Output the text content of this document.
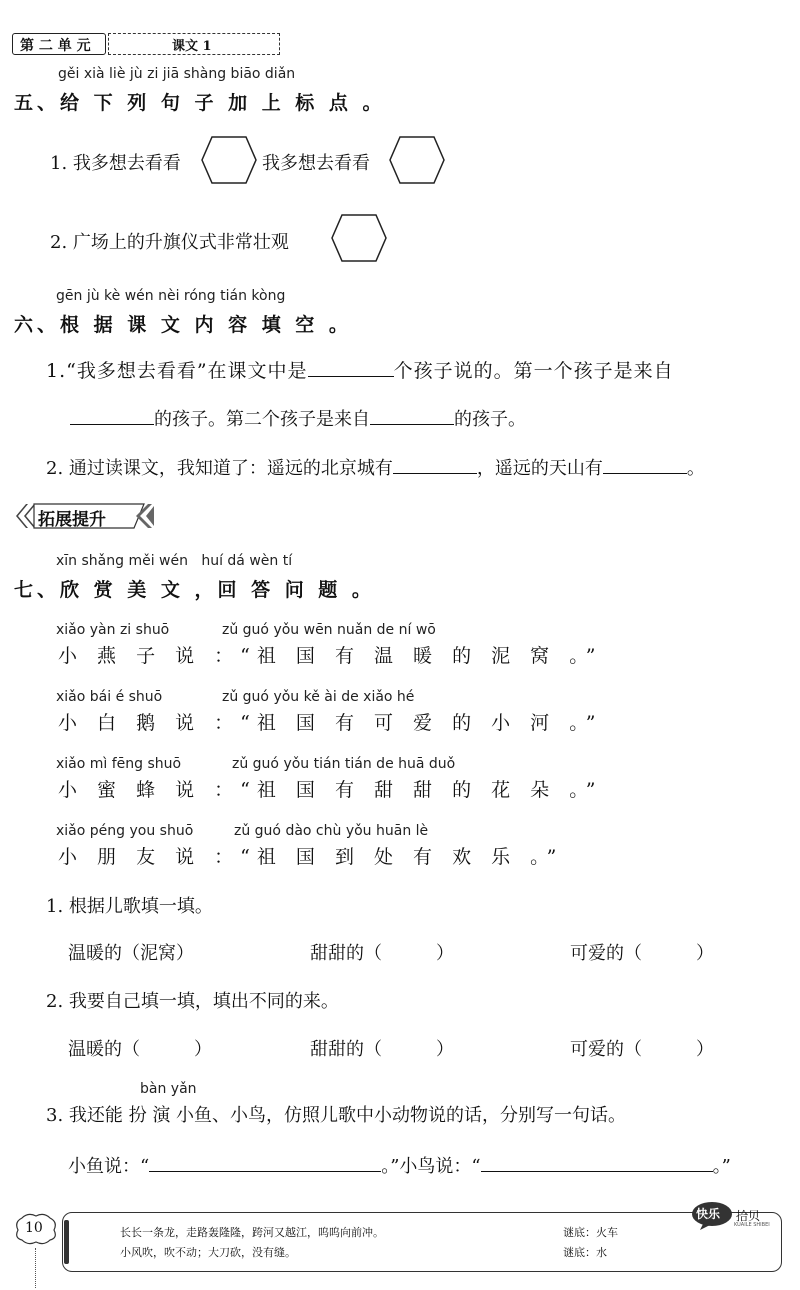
第 二 单 元	课文 1
gěi xià liè jù zi jiā shàng biāo diǎn
五、给 下 列 句 子 加 上 标 点 。
1. 我多想去看看	我多想去看看
2. 广场上的升旗仪式非常壮观
gēn jù kè wén nèi róng tián kòng
六、根 据 课 文 内 容 填 空 。
1.“我多想去看看”在课文中是	个孩子说的。第一个孩子是来自
的孩子。第二个孩子是来自	的孩子。
2. 通过读课文，我知道了：遥远的北京城有	，遥远的天山有	。
拓展提升
xīn shǎng měi wén   huí dá wèn tí
七、欣 赏 美 文 ，回 答 问 题 。
xiǎo yàn zi shuō	zǔ guó yǒu wēn nuǎn de ní wō
小 燕 子 说 ：“祖 国 有 温 暖 的 泥 窝 。”
xiǎo bái é shuō	zǔ guó yǒu kě ài de xiǎo hé
小 白 鹅 说 ：“祖 国 有 可 爱 的 小 河 。”
xiǎo mì fēng shuō	zǔ guó yǒu tián tián de huā duǒ
小 蜜 蜂 说 ：“祖 国 有 甜 甜 的 花 朵 。”
xiǎo péng you shuō	zǔ guó dào chù yǒu huān lè
小 朋 友 说 ：“祖 国 到 处 有 欢 乐 。”
1. 根据儿歌填一填。
温暖的（泥窝）	甜甜的（　　　）	可爱的（　　　）
2. 我要自己填一填，填出不同的来。
温暖的（　　　）	甜甜的（　　　）	可爱的（　　　）
bàn yǎn
3. 我还能 扮 演 小鱼、小鸟，仿照儿歌中小动物说的话，分别写一句话。
小鱼说：“	。”小鸟说：“	。”
10	长长一条龙，走路轰隆隆，跨河又越江，呜呜向前冲。	谜底：火车
小风吹，吹不动；大刀砍，没有缝。	谜底：水
快乐 拾贝
KUAILE SHIBEI
